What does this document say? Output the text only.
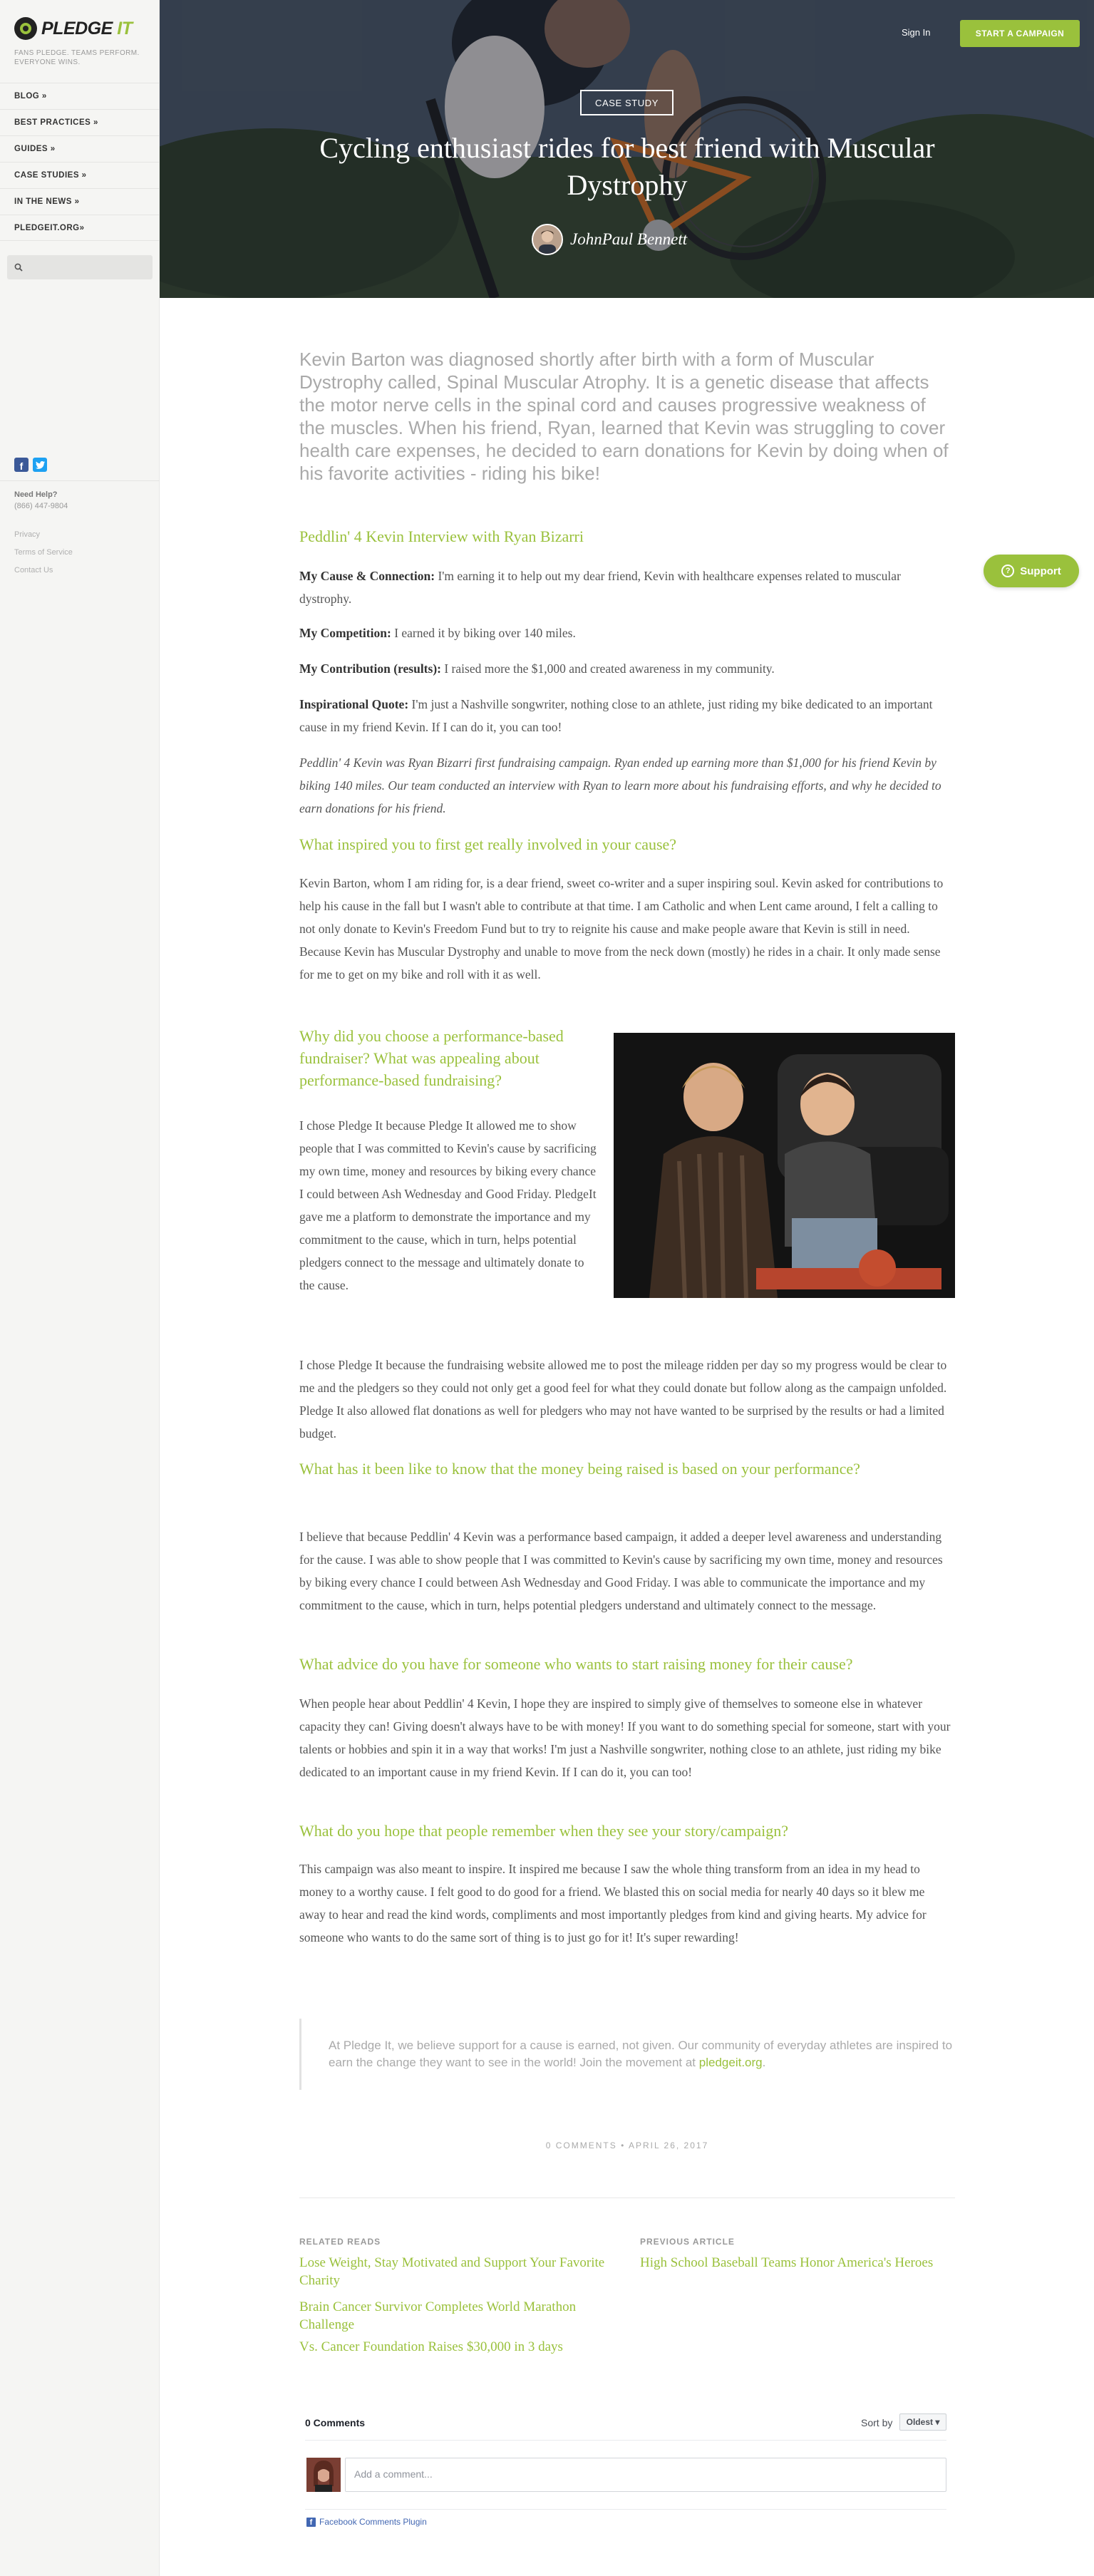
PLEDGE IT
FANS PLEDGE. TEAMS PERFORM. EVERYONE WINS.
BLOG »
BEST PRACTICES »
GUIDES »
CASE STUDIES »
IN THE NEWS »
PLEDGEIT.ORG»
f
Need Help?
(866) 447-9804
Privacy
Terms of Service
Contact Us
Sign In	START A CAMPAIGN
CASE STUDY
Cycling enthusiast rides for best friend with Muscular Dystrophy
JohnPaul Bennett
? Support

Kevin Barton was diagnosed shortly after birth with a form of Muscular Dystrophy called, Spinal Muscular Atrophy. It is a genetic disease that affects the motor nerve cells in the spinal cord and causes progressive weakness of the muscles. When his friend, Ryan, learned that Kevin was struggling to cover health care expenses, he decided to earn donations for Kevin by doing when of his favorite activities - riding his bike!

Peddlin' 4 Kevin Interview with Ryan Bizarri

My Cause & Connection: I'm earning it to help out my dear friend, Kevin with healthcare expenses related to muscular dystrophy.

My Competition: I earned it by biking over 140 miles.

My Contribution (results): I raised more the $1,000 and created awareness in my community.

Inspirational Quote: I'm just a Nashville songwriter, nothing close to an athlete, just riding my bike dedicated to an important cause in my friend Kevin. If I can do it, you can too!

Peddlin' 4 Kevin was Ryan Bizarri first fundraising campaign. Ryan ended up earning more than $1,000 for his friend Kevin by biking 140 miles. Our team conducted an interview with Ryan to learn more about his fundraising efforts, and why he decided to earn donations for his friend.

What inspired you to first get really involved in your cause?

Kevin Barton, whom I am riding for, is a dear friend, sweet co-writer and a super inspiring soul. Kevin asked for contributions to help his cause in the fall but I wasn't able to contribute at that time. I am Catholic and when Lent came around, I felt a calling to not only donate to Kevin's Freedom Fund but to try to reignite his cause and make people aware that Kevin is still in need. Because Kevin has Muscular Dystrophy and unable to move from the neck down (mostly) he rides in a chair. It only made sense for me to get on my bike and roll with it as well.

Why did you choose a performance-based fundraiser? What was appealing about performance-based fundraising?

I chose Pledge It because Pledge It allowed me to show people that I was committed to Kevin's cause by sacrificing my own time, money and resources by biking every chance I could between Ash Wednesday and Good Friday. PledgeIt gave me a platform to demonstrate the importance and my commitment to the cause, which in turn, helps potential pledgers connect to the message and ultimately donate to the cause.

I chose Pledge It because the fundraising website allowed me to post the mileage ridden per day so my progress would be clear to me and the pledgers so they could not only get a good feel for what they could donate but follow along as the campaign unfolded. Pledge It also allowed flat donations as well for pledgers who may not have wanted to be surprised by the results or had a limited budget.

What has it been like to know that the money being raised is based on your performance?

I believe that because Peddlin' 4 Kevin was a performance based campaign, it added a deeper level awareness and understanding for the cause. I was able to show people that I was committed to Kevin's cause by sacrificing my own time, money and resources by biking every chance I could between Ash Wednesday and Good Friday. I was able to communicate the importance and my commitment to the cause, which in turn, helps potential pledgers understand and ultimately connect to the message.

What advice do you have for someone who wants to start raising money for their cause?

When people hear about Peddlin' 4 Kevin, I hope they are inspired to simply give of themselves to someone else in whatever capacity they can! Giving doesn't always have to be with money! If you want to do something special for someone, start with your talents or hobbies and spin it in a way that works! I'm just a Nashville songwriter, nothing close to an athlete, just riding my bike dedicated to an important cause in my friend Kevin. If I can do it, you can too!

What do you hope that people remember when they see your story/campaign?

This campaign was also meant to inspire. It inspired me because I saw the whole thing transform from an idea in my head to money to a worthy cause. I felt good to do good for a friend. We blasted this on social media for nearly 40 days so it blew me away to hear and read the kind words, compliments and most importantly pledges from kind and giving hearts. My advice for someone who wants to do the same sort of thing is to just go for it! It's super rewarding!

At Pledge It, we believe support for a cause is earned, not given. Our community of everyday athletes are inspired to earn the change they want to see in the world! Join the movement at pledgeit.org.

0 COMMENTS • APRIL 26, 2017
RELATED READS
Lose Weight, Stay Motivated and Support Your Favorite Charity
Brain Cancer Survivor Completes World Marathon Challenge
Vs. Cancer Foundation Raises $30,000 in 3 days
PREVIOUS ARTICLE
High School Baseball Teams Honor America's Heroes
0 Comments	Sort by	Oldest ▾
Add a comment...
f Facebook Comments Plugin
